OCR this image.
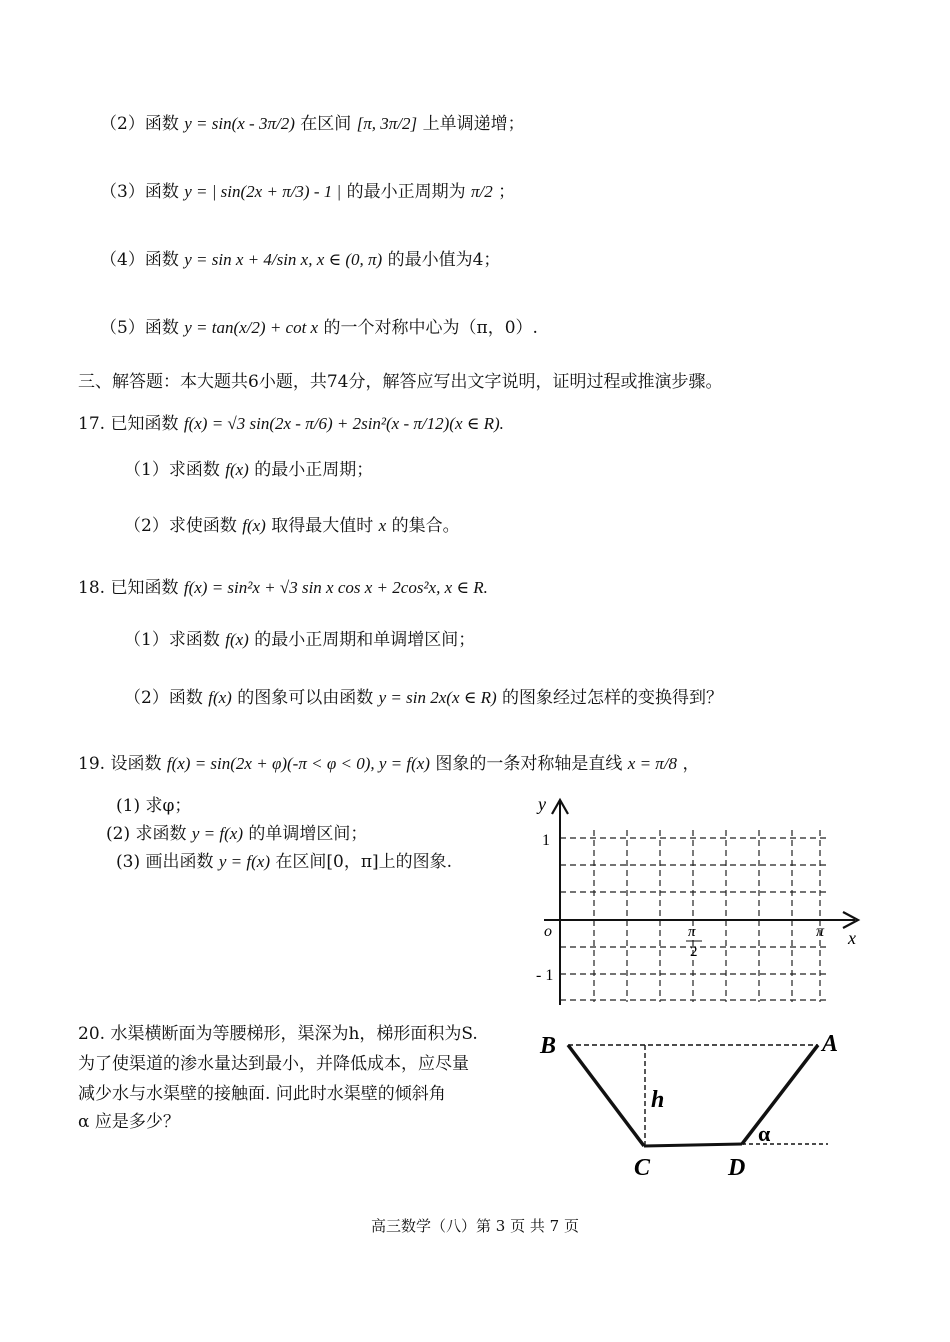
（2）函数 y = sin(x - 3π/2) 在区间 [π, 3π/2] 上单调递增；
（3）函数 y = | sin(2x + π/3) - 1 | 的最小正周期为 π/2 ；
（4）函数 y = sin x + 4/sin x, x ∈ (0, π) 的最小值为4；
（5）函数 y = tan(x/2) + cot x 的一个对称中心为（π，0）.
三、解答题：本大题共6小题，共74分，解答应写出文字说明，证明过程或推演步骤。
17. 已知函数 f(x) = √3 sin(2x - π/6) + 2sin²(x - π/12)(x ∈ R).
（1）求函数 f(x) 的最小正周期；
（2）求使函数 f(x) 取得最大值时 x 的集合。
18. 已知函数 f(x) = sin²x + √3 sin x cos x + 2cos²x, x ∈ R.
（1）求函数 f(x) 的最小正周期和单调增区间；
（2）函数 f(x) 的图象可以由函数 y = sin 2x(x ∈ R) 的图象经过怎样的变换得到？
19. 设函数 f(x) = sin(2x + φ)(-π < φ < 0), y = f(x) 图象的一条对称轴是直线 x = π/8 ，
(1) 求φ；
(2) 求函数 y = f(x) 的单调增区间；
(3) 画出函数 y = f(x) 在区间[0，π]上的图象.
y
x
o
1
- 1
π
2
π
20. 水渠横断面为等腰梯形，渠深为h，梯形面积为S.
为了使渠道的渗水量达到最小，并降低成本，应尽量
减少水与水渠壁的接触面. 问此时水渠壁的倾斜角
α 应是多少？
B	A
C	D
h
α
高三数学（八）第 3 页 共 7 页
